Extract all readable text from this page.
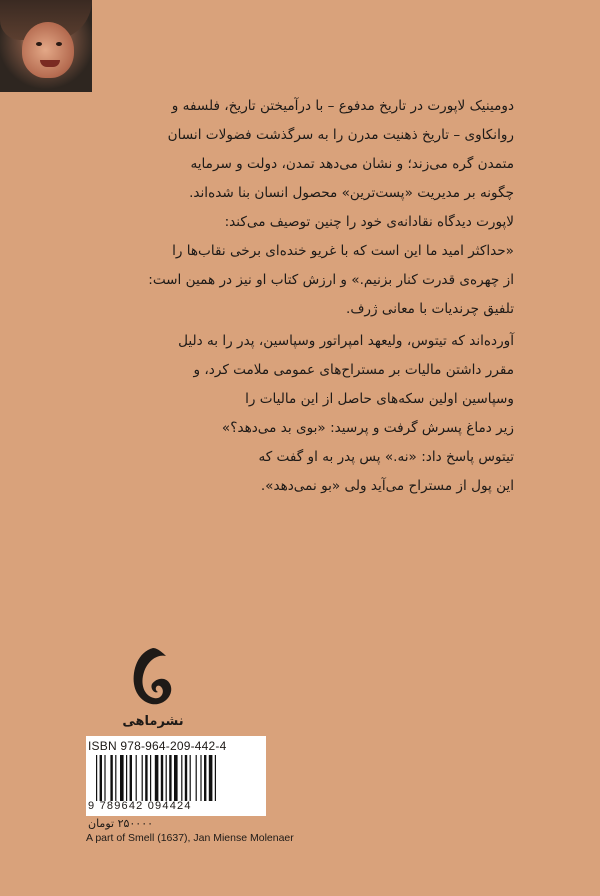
دومینیک لاپورت در تاریخ مدفوع – با درآمیختن تاریخ، فلسفه و

روانکاوی – تاریخ ذهنیت مدرن را به سرگذشت فضولات انسان

متمدن گره می‌زند؛ و نشان می‌دهد تمدن، دولت و سرمایه

چگونه بر مدیریت «پست‌ترین» محصول انسان بنا شده‌اند.

لاپورت دیدگاه نقادانه‌ی خود را چنین توصیف می‌کند:

«حداکثر امید ما این است که با غریو خنده‌ای برخی نقاب‌ها را

از چهره‌ی قدرت کنار بزنیم.» و ارزش کتاب او نیز در همین است:

تلفیق چرندیات با معانی ژرف.

آورده‌اند که تیتوس، ولیعهد امپراتور وسپاسین، پدر را به دلیل

مقرر داشتن مالیات بر مستراح‌های عمومی ملامت کرد، و

وسپاسین اولین سکه‌های حاصل از این مالیات را

زیر دماغ پسرش گرفت و پرسید: «بوی بد می‌دهد؟»

تیتوس پاسخ داد: «نه.» پس پدر به او گفت که

این پول از مستراح می‌آید ولی «بو نمی‌دهد».

نشرماهی
ISBN 978-964-209-442-4
9 789642 094424
۲۵۰۰۰۰ تومان
A part of Smell (1637), Jan Miense Molenaer
